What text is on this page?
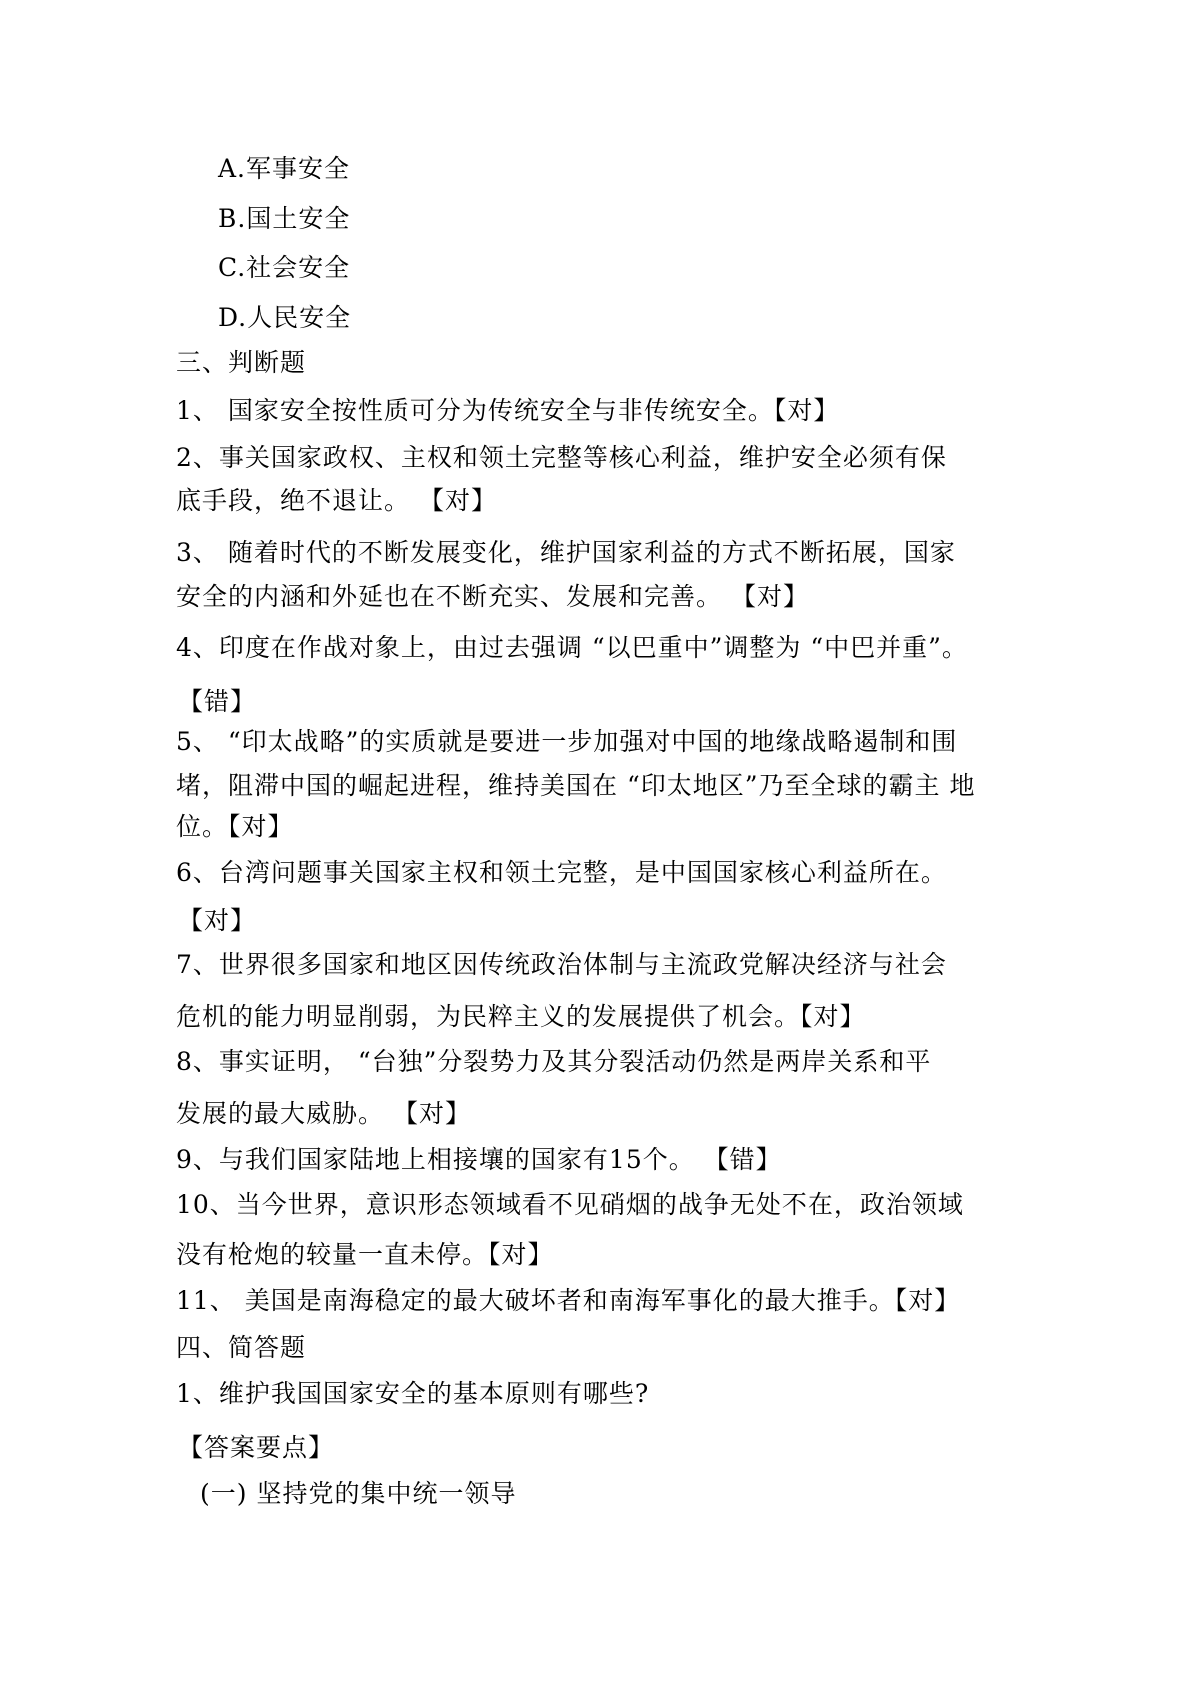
A.军事安全
B.国土安全
C.社会安全
D.人民安全
三、判断题
1、 国家安全按性质可分为传统安全与非传统安全。【对】
2、事关国家政权、主权和领土完整等核心利益，维护安全必须有保
底手段，绝不退让。 【对】
3、 随着时代的不断发展变化，维护国家利益的方式不断拓展，国家
安全的内涵和外延也在不断充实、发展和完善。 【对】
4、印度在作战对象上，由过去强调 “以巴重中”调整为 “中巴并重”。
【错】
5、 “印太战略”的实质就是要进一步加强对中国的地缘战略遏制和围
堵，阻滞中国的崛起进程，维持美国在 “印太地区”乃至全球的霸主 地
位。【对】
6、台湾问题事关国家主权和领土完整，是中国国家核心利益所在。
【对】
7、世界很多国家和地区因传统政治体制与主流政党解决经济与社会
危机的能力明显削弱，为民粹主义的发展提供了机会。【对】
8、事实证明， “台独”分裂势力及其分裂活动仍然是两岸关系和平
发展的最大威胁。 【对】
9、与我们国家陆地上相接壤的国家有15个。 【错】
10、当今世界，意识形态领域看不见硝烟的战争无处不在，政治领域
没有枪炮的较量一直未停。【对】
11、 美国是南海稳定的最大破坏者和南海军事化的最大推手。【对】
四、简答题
1、维护我国国家安全的基本原则有哪些?
【答案要点】
(一) 坚持党的集中统一领导
